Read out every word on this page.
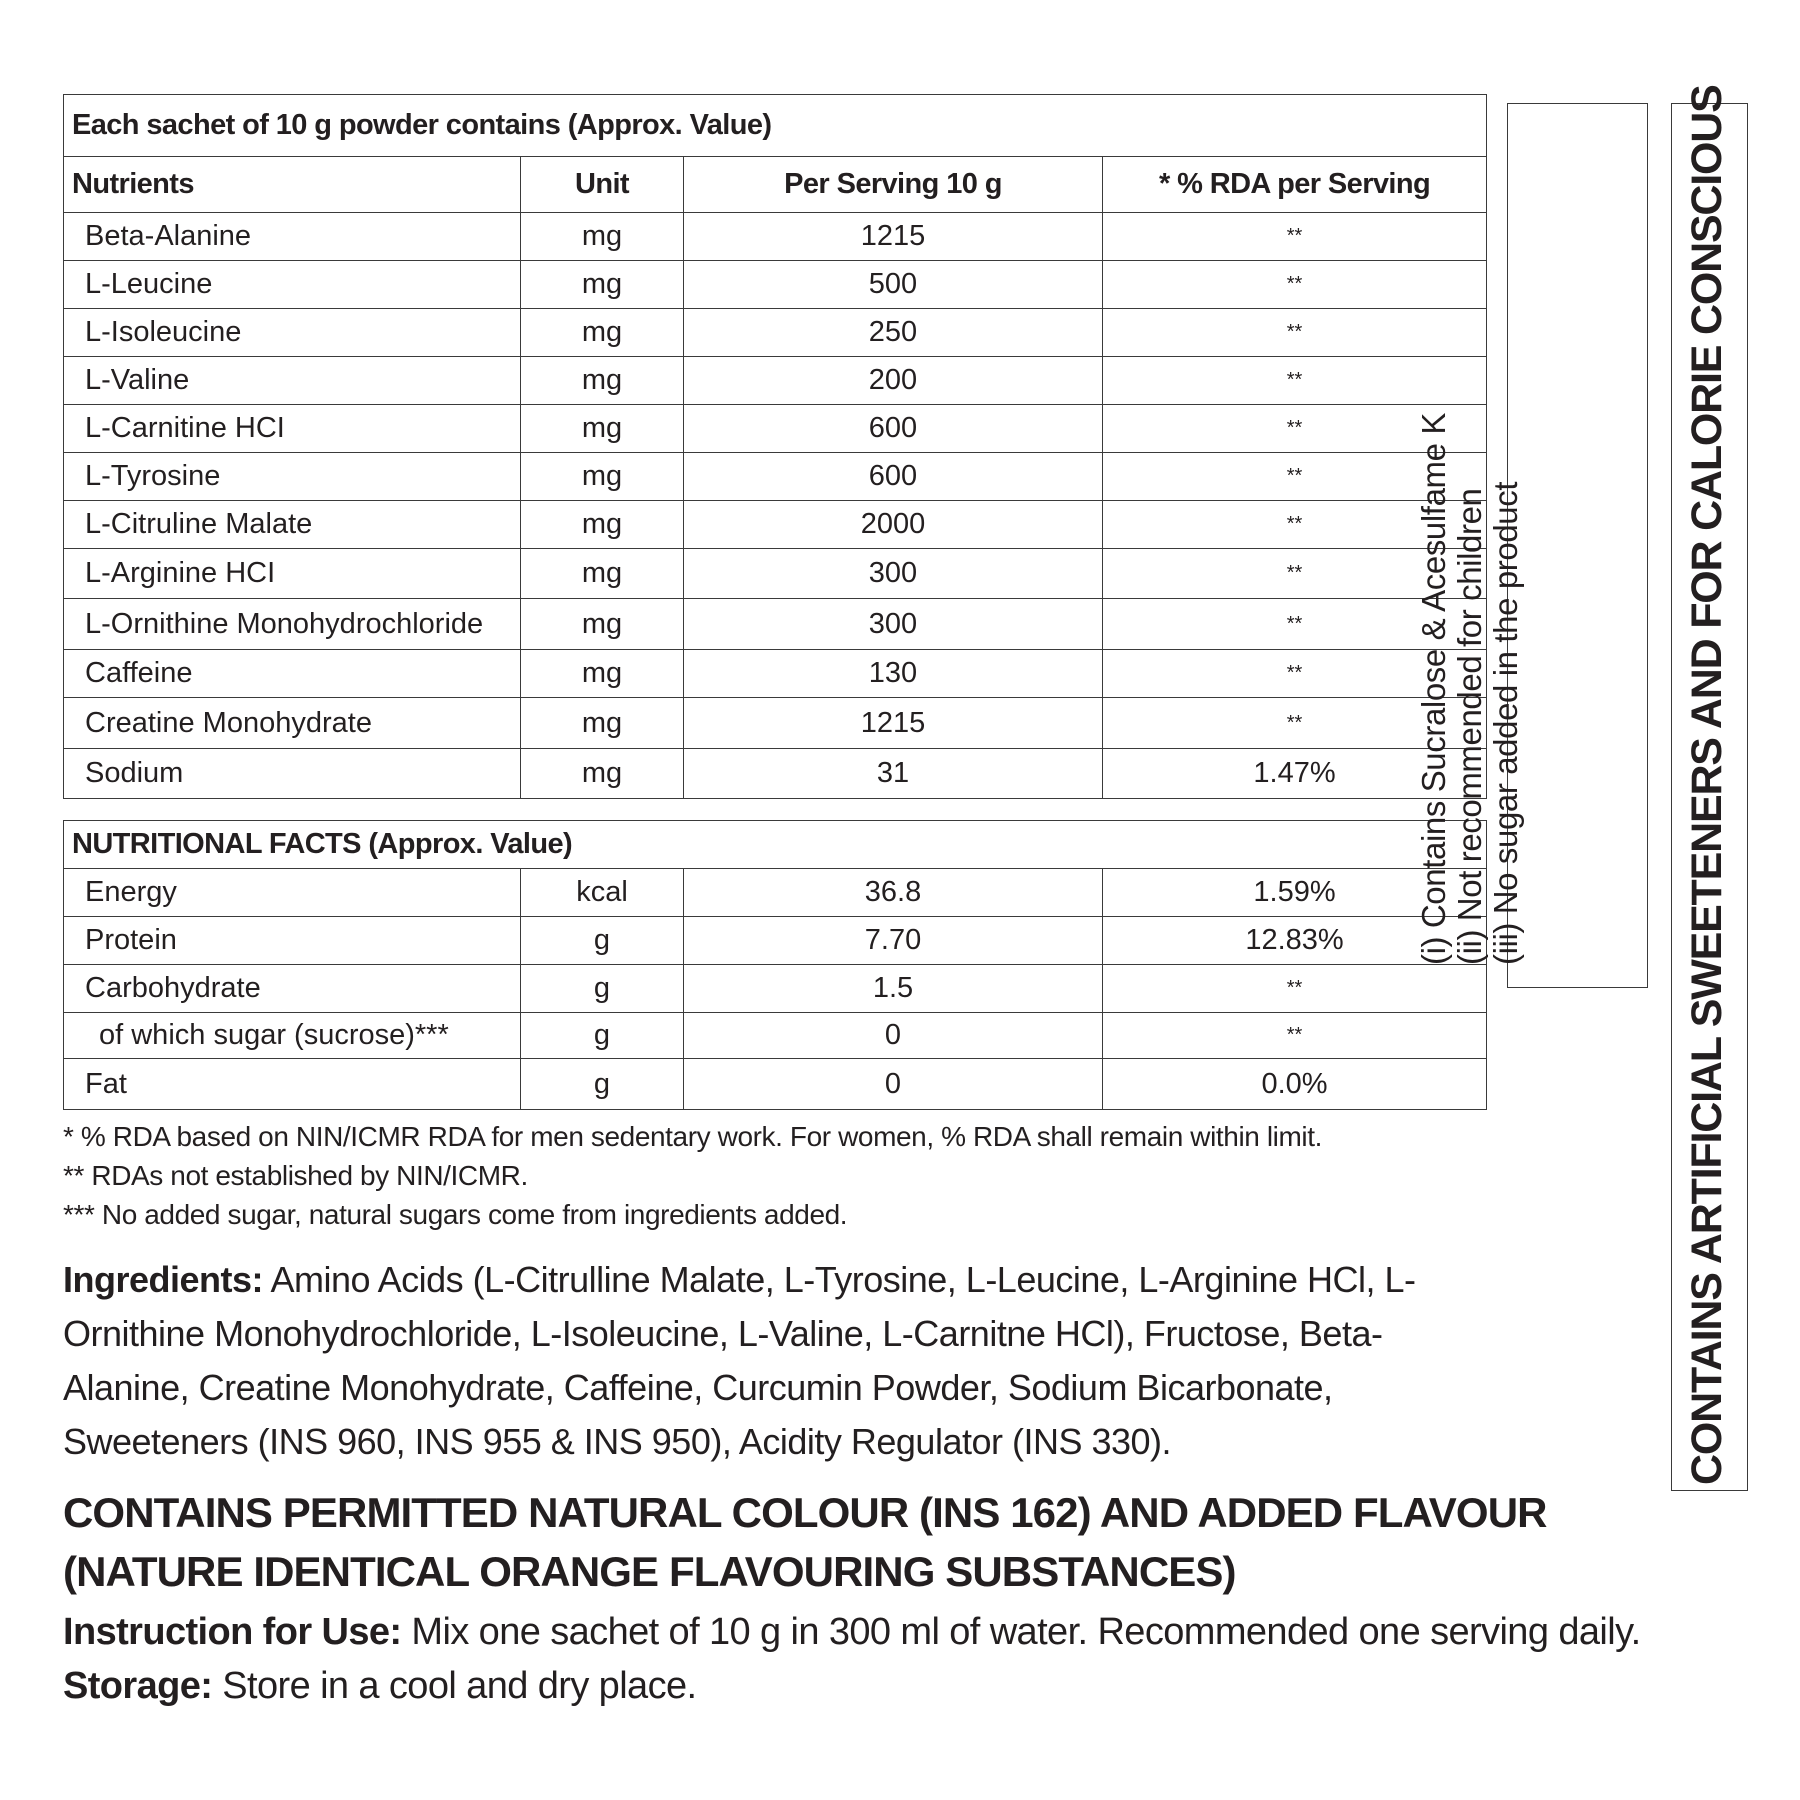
Each sachet of 10 g powder contains (Approx. Value)			
Nutrients	Unit	Per Serving 10 g	* % RDA per Serving
Beta-Alanine	mg	1215	**
L-Leucine	mg	500	**
L-Isoleucine	mg	250	**
L-Valine	mg	200	**
L-Carnitine HCI	mg	600	**
L-Tyrosine	mg	600	**
L-Citruline Malate	mg	2000	**
L-Arginine HCI	mg	300	**
L-Ornithine Monohydrochloride	mg	300	**
Caffeine	mg	130	**
Creatine Monohydrate	mg	1215	**
Sodium	mg	31	1.47%
NUTRITIONAL FACTS (Approx. Value)			
Energy	kcal	36.8	1.59%
Protein	g	7.70	12.83%
Carbohydrate	g	1.5	**
of which sugar (sucrose)***	g	0	**
Fat	g	0	0.0%
* % RDA based on NIN/ICMR RDA for men sedentary work. For women, % RDA shall remain within limit.
** RDAs not established by NIN/ICMR.
*** No added sugar, natural sugars come from ingredients added.
Ingredients: Amino Acids (L-Citrulline Malate, L-Tyrosine, L-Leucine, L-Arginine HCl, L-Ornithine Monohydrochloride, L-Isoleucine, L-Valine, L-Carnitne HCl), Fructose, Beta-Alanine, Creatine Monohydrate, Caffeine, Curcumin Powder, Sodium Bicarbonate, Sweeteners (INS 960, INS 955 & INS 950), Acidity Regulator (INS 330).
CONTAINS PERMITTED NATURAL COLOUR (INS 162) AND ADDED FLAVOUR
(NATURE IDENTICAL ORANGE FLAVOURING SUBSTANCES)
Instruction for Use: Mix one sachet of 10 g in 300 ml of water. Recommended one serving daily.
Storage: Store in a cool and dry place.
(i) Contains Sucralose & Acesulfame K (ii) Not recommended for children (iii) No sugar added in the product	CONTAINS ARTIFICIAL SWEETENERS AND FOR CALORIE CONSCIOUS
